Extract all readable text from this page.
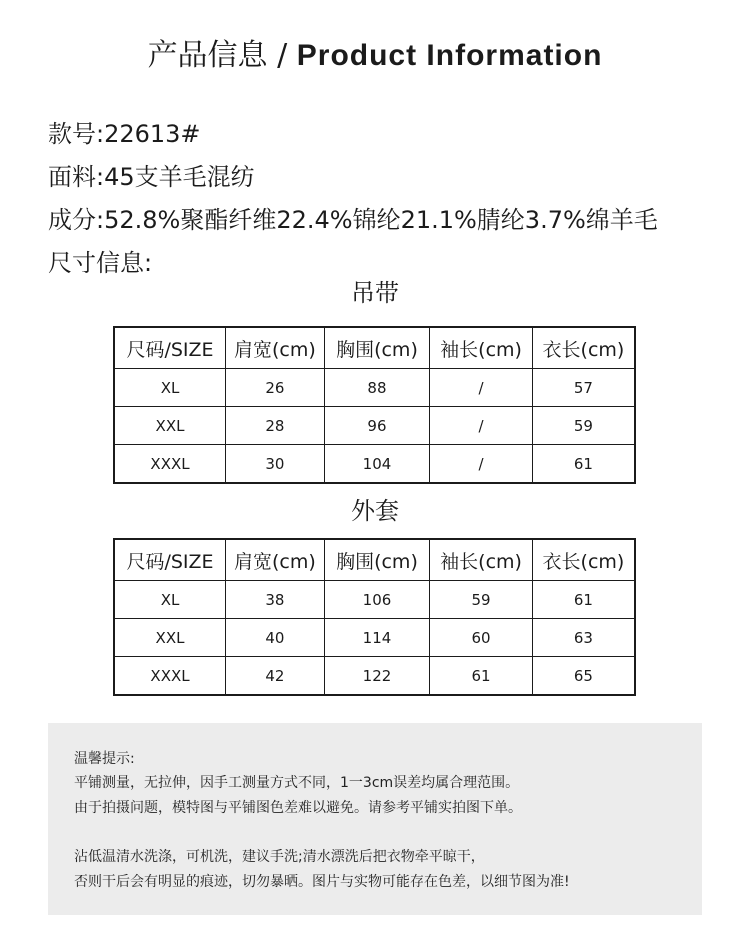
产品信息 / Product Information
款号:22613#
面料:45支羊毛混纺
成分:52.8%聚酯纤维22.4%锦纶21.1%腈纶3.7%绵羊毛
尺寸信息:
吊带
尺码/SIZE	肩宽(cm)	胸围(cm)	袖长(cm)	衣长(cm)
XL	26	88	/	57
XXL	28	96	/	59
XXXL	30	104	/	61
外套
尺码/SIZE	肩宽(cm)	胸围(cm)	袖长(cm)	衣长(cm)
XL	38	106	59	61
XXL	40	114	60	63
XXXL	42	122	61	65

温馨提示:

平铺测量，无拉伸，因手工测量方式不同，1一3cm误差均属合理范围。

由于拍摄问题，模特图与平铺图色差难以避免。请参考平铺实拍图下单。

沾低温清水洗涤，可机洗，建议手洗;清水漂洗后把衣物牵平晾干，

否则干后会有明显的痕迹，切勿暴晒。图片与实物可能存在色差，以细节图为准!
